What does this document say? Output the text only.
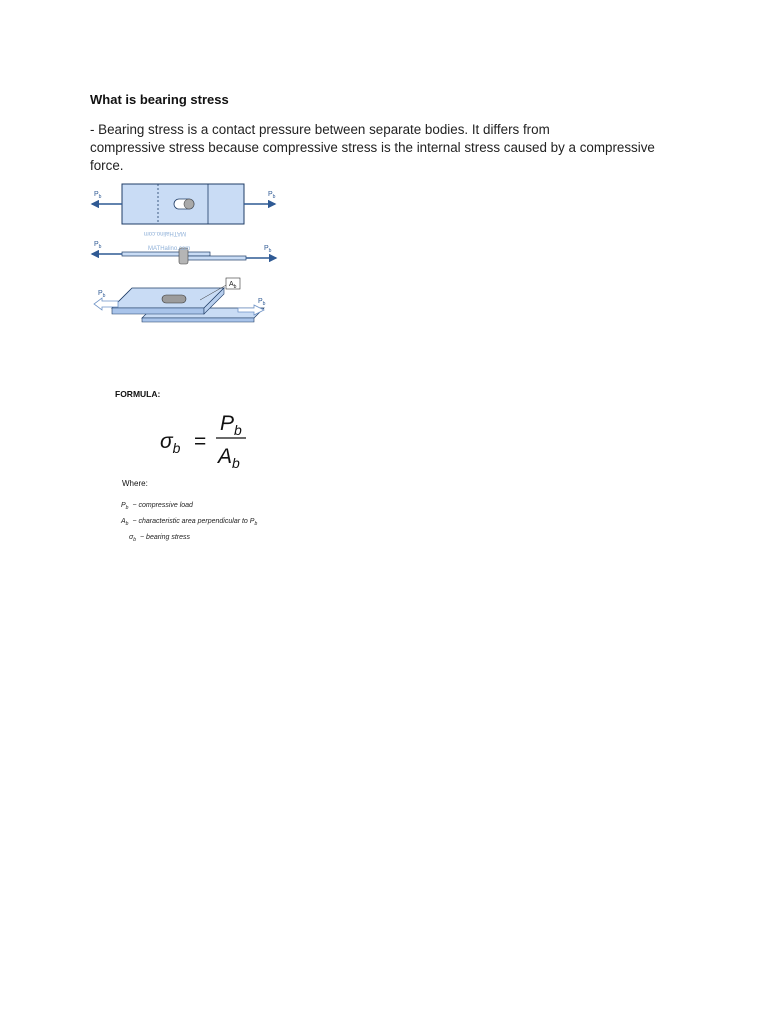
What is bearing stress

- Bearing stress is a contact pressure between separate bodies. It differs from
compressive stress because compressive stress is the internal stress caused by a compressive
force.

$P_b$	$P_b$
MATHalino.com
$P_b$	$P_b$
MATHalino.com
$A_b$
$P_b$
$P_b$
FORMULA:
$\sigma_b$ =
$P_b$
$A_b$
Where:
$P_b$ − compressive load
$A_b$ − characteristic area perpendicular to $P_b$
$\sigma_b$ − bearing stress
